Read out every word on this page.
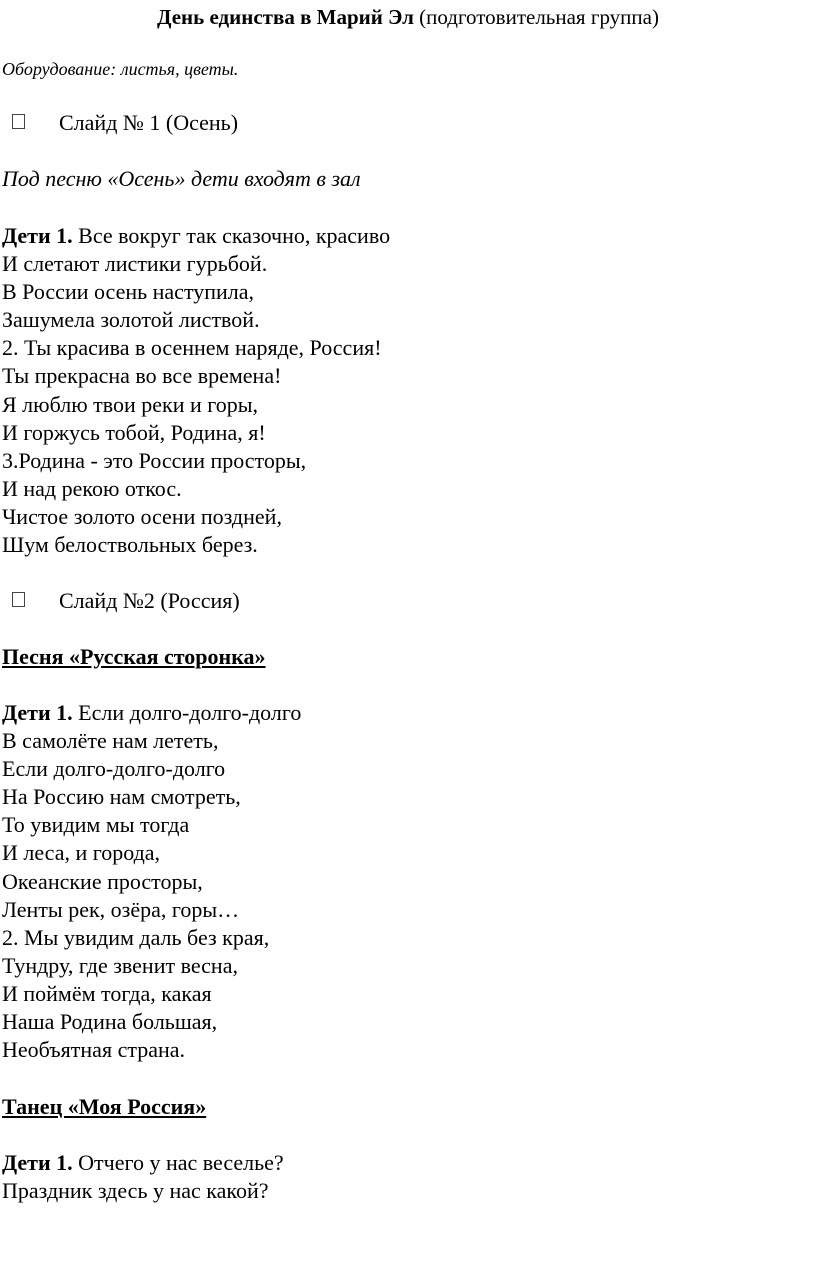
День единства в Марий Эл (подготовительная группа)
Оборудование: листья, цветы.
Слайд № 1 (Осень)
Под песню «Осень» дети входят в зал
Дети 1. Все вокруг так сказочно, красиво
И слетают листики гурьбой.
В России осень наступила,
Зашумела золотой листвой.
2. Ты красива в осеннем наряде, Россия!
Ты прекрасна во все времена!
Я люблю твои реки и горы,
И горжусь тобой, Родина, я!
3.Родина - это России просторы,
И над рекою откос.
Чистое золото осени поздней,
Шум белоствольных берез.
Слайд №2 (Россия)
Песня «Русская сторонка»
Дети 1. Если долго-долго-долго
В самолёте нам лететь,
Если долго-долго-долго
На Россию нам смотреть,
То увидим мы тогда
И леса, и города,
Океанские просторы,
Ленты рек, озёра, горы…
2. Мы увидим даль без края,
Тундру, где звенит весна,
И поймём тогда, какая
Наша Родина большая,
Необъятная страна.
Танец «Моя Россия»
Дети 1. Отчего у нас веселье?
Праздник здесь у нас какой?
